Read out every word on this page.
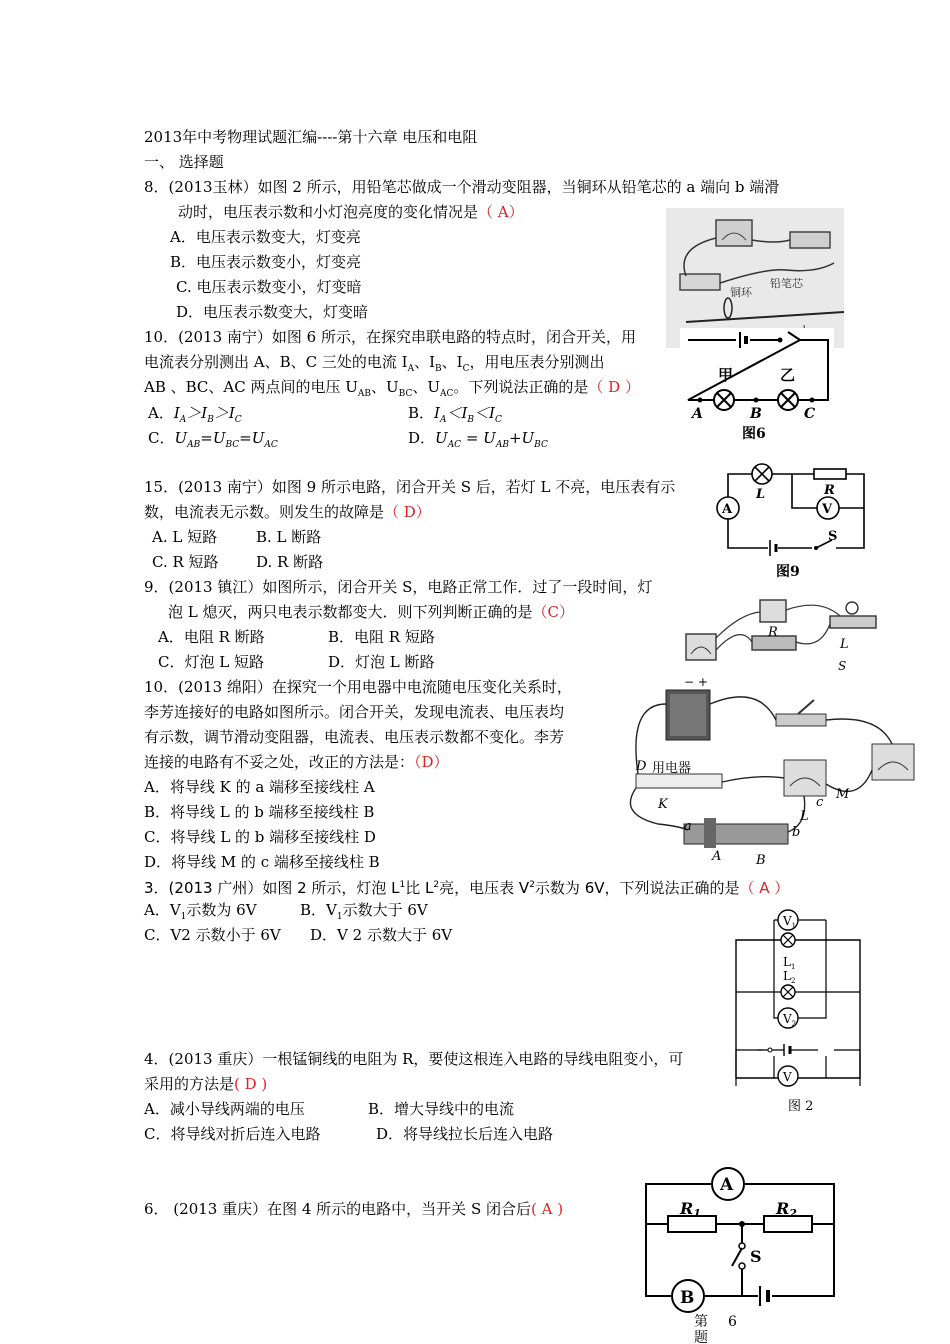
2013年中考物理试题汇编----第十六章 电压和电阻
一、 选择题
8．(2013玉林）如图 2 所示，用铅笔芯做成一个滑动变阻器，当铜环从铅笔芯的 a 端向 b 端滑
动时，电压表示数和小灯泡亮度的变化情况是（ A）
A．电压表示数变大，灯变亮
B．电压表示数变小，灯变亮
C. 电压表示数变小，灯变暗
D．电压表示数变大，灯变暗
铜环
铅笔芯
10．(2013 南宁）如图 6 所示，在探究串联电路的特点时，闭合开关，用
电流表分别测出 A、B、C 三处的电流 $I_A$、$I_B$、$I_C$，用电压表分别测出
AB 、BC、AC 两点间的电压 $U_{AB}$、$U_{BC}$、$U_{AC}$。下列说法正确的是（ D ）
A．$I_A>I_B>I_C$	B．$I_A<I_B<I_C$
C．$U_{AB}=U_{BC}=U_{AC}$	D．$U_{AC} = U_{AB}+U_{BC}$
甲	乙
A	B	C
图6
15．(2013 南宁）如图 9 所示电路，闭合开关 S 后，若灯 L 不亮，电压表有示
数，电流表无示数。则发生的故障是（ D）
A. L 短路	B. L 断路
C. R 短路 D. R 断路
L	R
A	V
S
图9
9．(2013 镇江）如图所示，闭合开关 S，电路正常工作．过了一段时间，灯
泡 L 熄灭，两只电表示数都变大．则下列判断正确的是（C）
A．电阻 R 断路	B．电阻 R 短路
C．灯泡 L 短路	D．灯泡 L 断路
R
L
S
10．(2013 绵阳）在探究一个用电器中电流随电压变化关系时，
李芳连接好的电路如图所示。闭合开关，发现电流表、电压表均
有示数，调节滑动变阻器，电流表、电压表示数都不变化。李芳
连接的电路有不妥之处，改正的方法是：（D）
A．将导线 K 的 a 端移至接线柱 A
B．将导线 L 的 b 端移至接线柱 B
C．将导线 L 的 b 端移至接线柱 D
D．将导线 M 的 c 端移至接线柱 B
− +
D 用电器
K
L
M
a	b
c
A	B
3．(2013 广州）如图 2 所示，灯泡 $L^1$比 $L^2$亮，电压表 $V^2$示数为 6V，下列说法正确的是（ A ）
A．$V_1$示数为 6V	B．$V_1$示数大于 6V
C．V2 示数小于 6V D．V 2 示数大于 6V
$V_1$
$L_1$
$L_2$
$V_2$
V
图 2
4．(2013 重庆）一根锰铜线的电阻为 R，要使这根连入电路的导线电阻变小，可
采用的方法是( D )
A．减小导线两端的电压	B．增大导线中的电流
C．将导线对折后连入电路	D．将导线拉长后连入电路
6． (2013 重庆）在图 4 所示的电路中，当开关 S 闭合后( A )
A
B
R1	R2
S
第 6
题
